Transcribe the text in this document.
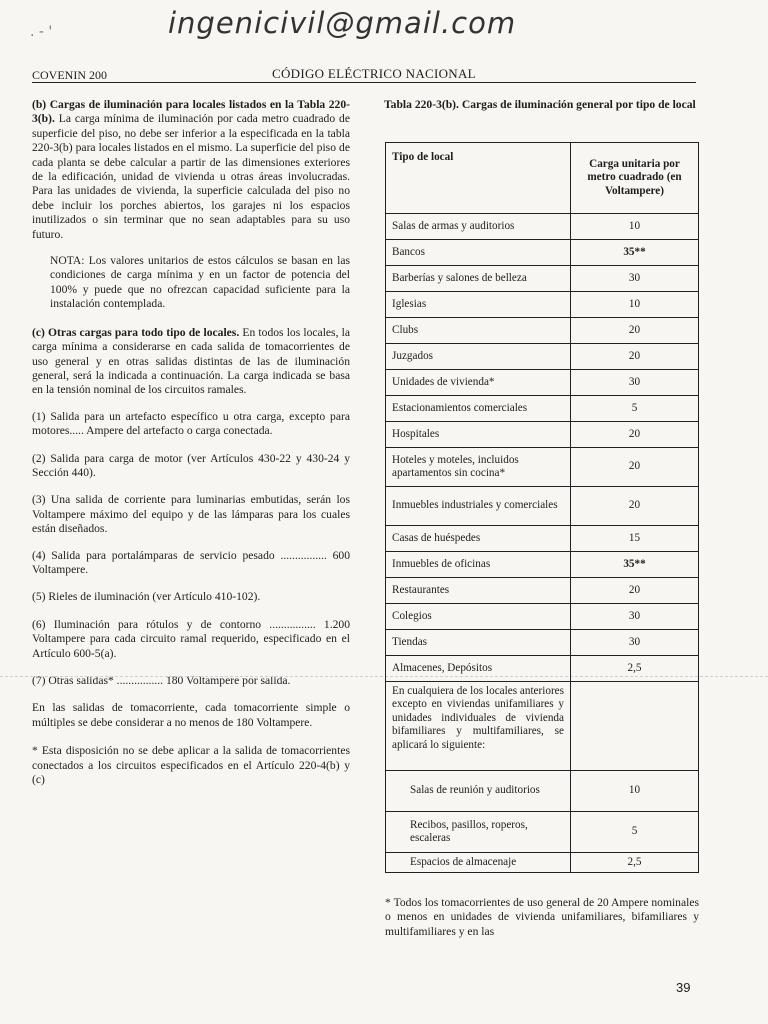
. - '	ingenicivil@gmail.com
COVENIN 200	CÓDIGO ELÉCTRICO NACIONAL

(b) Cargas de iluminación para locales listados en la Tabla 220-3(b). La carga mínima de iluminación por cada metro cuadrado de superficie del piso, no debe ser inferior a la especificada en la tabla 220-3(b) para locales listados en el mismo. La superficie del piso de cada planta se debe calcular a partir de las dimensiones exteriores de la edificación, unidad de vivienda u otras áreas involucradas. Para las unidades de vivienda, la superficie calculada del piso no debe incluir los porches abiertos, los garajes ni los espacios inutilizados o sin terminar que no sean adaptables para su uso futuro.

NOTA: Los valores unitarios de estos cálculos se basan en las condiciones de carga mínima y en un factor de potencia del 100% y puede que no ofrezcan capacidad suficiente para la instalación contemplada.

(c) Otras cargas para todo tipo de locales. En todos los locales, la carga mínima a considerarse en cada salida de tomacorrientes de uso general y en otras salidas distintas de las de iluminación general, será la indicada a continuación. La carga indicada se basa en la tensión nominal de los circuitos ramales.

(1) Salida para un artefacto específico u otra carga, excepto para motores..... Ampere del artefacto o carga conectada.

(2) Salida para carga de motor (ver Artículos 430-22 y 430-24 y Sección 440).

(3) Una salida de corriente para luminarias embutidas, serán los Voltampere máximo del equipo y de las lámparas para los cuales están diseñados.

(4) Salida para portalámparas de servicio pesado ................ 600 Voltampere.

(5) Rieles de iluminación (ver Artículo 410-102).

(6) Iluminación para rótulos y de contorno ................ 1.200 Voltampere para cada circuito ramal requerido, especificado en el Artículo 600-5(a).

(7) Otras salidas* ................ 180 Voltampere por salida.

En las salidas de tomacorriente, cada tomacorriente simple o múltiples se debe considerar a no menos de 180 Voltampere.

* Esta disposición no se debe aplicar a la salida de tomacorrientes conectados a los circuitos especificados en el Artículo 220-4(b) y (c)

Tabla 220-3(b). Cargas de iluminación general por tipo de local
Tipo de local	Carga unitaria por metro cuadrado (en Voltampere)
Salas de armas y auditorios	10
Bancos	35**
Barberías y salones de belleza	30
Iglesias	10
Clubs	20
Juzgados	20
Unidades de vivienda*	30
Estacionamientos comerciales	5
Hospitales	20
Hoteles y moteles, incluidos apartamentos sin cocina*	20
Inmuebles industriales y comerciales	20
Casas de huéspedes	15
Inmuebles de oficinas	35**
Restaurantes	20
Colegios	30
Tiendas	30
Almacenes, Depósitos	2,5
En cualquiera de los locales anteriores excepto en viviendas unifamiliares y unidades individuales de vivienda bifamiliares y multifamiliares, se aplicará lo siguiente:	
Salas de reunión y auditorios	10
Recibos, pasillos, roperos, escaleras	5
Espacios de almacenaje	2,5
* Todos los tomacorrientes de uso general de 20 Ampere nominales o menos en unidades de vivienda unifamiliares, bifamiliares y multifamiliares y en las
39
